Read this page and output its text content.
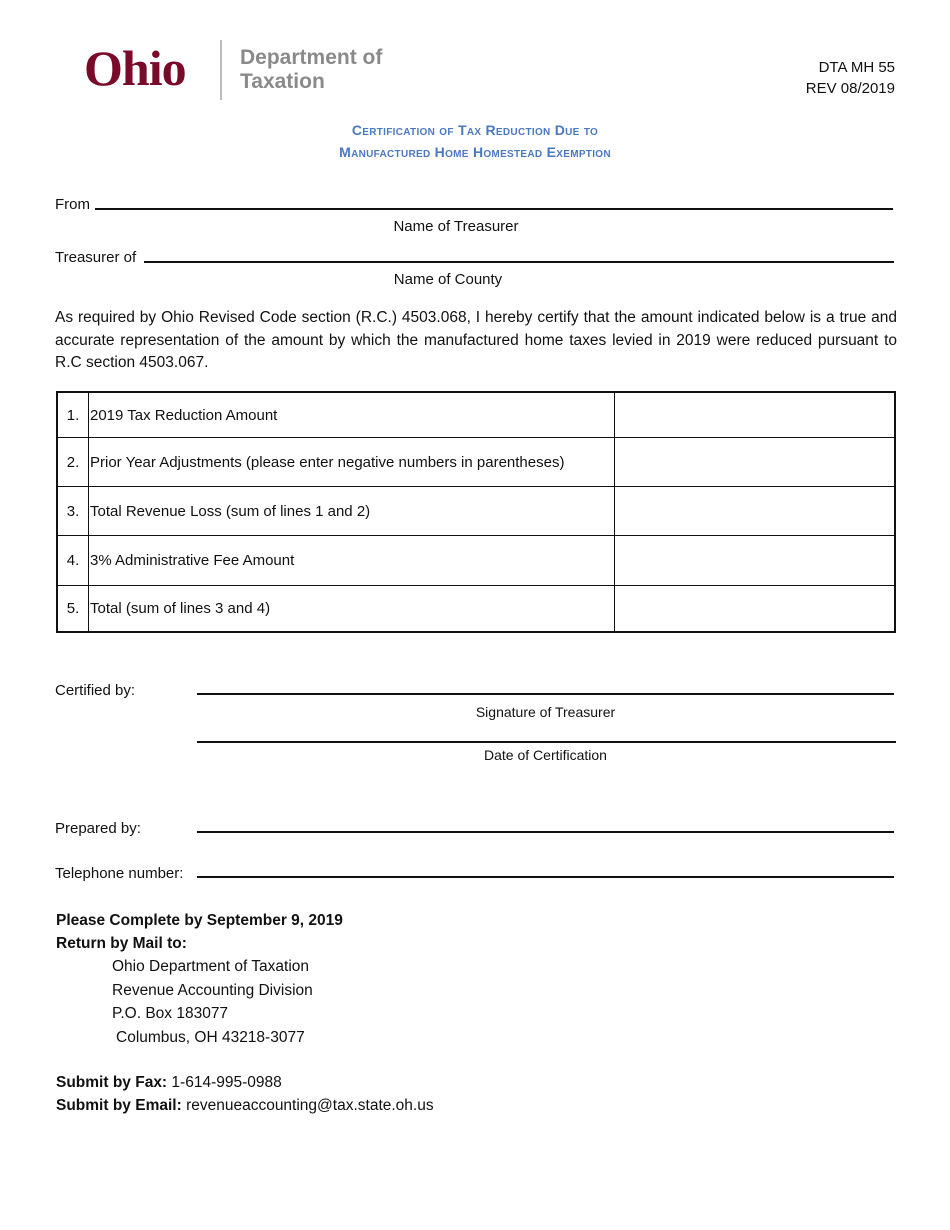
Ohio	Department of
Taxation
DTA MH 55
REV 08/2019
Certification of Tax Reduction Due to
Manufactured Home Homestead Exemption
From
Name of Treasurer
Treasurer of
Name of County
As required by Ohio Revised Code section (R.C.) 4503.068, I hereby certify that the amount indicated below is a true and accurate representation of the amount by which the manufactured home taxes levied in 2019 were reduced pursuant to R.C section 4503.067.
1.	2019 Tax Reduction Amount	
2.	Prior Year Adjustments (please enter negative numbers in parentheses)	
3.	Total Revenue Loss (sum of lines 1 and 2)	
4.	3% Administrative Fee Amount	
5.	Total (sum of lines 3 and 4)	
Certified by:
Signature of Treasurer
Date of Certification
Prepared by:
Telephone number:
Please Complete by September 9, 2019
Return by Mail to:
Ohio Department of Taxation
Revenue Accounting Division
P.O. Box 183077
Columbus, OH 43218-3077
Submit by Fax: 1-614-995-0988
Submit by Email: revenueaccounting@tax.state.oh.us
